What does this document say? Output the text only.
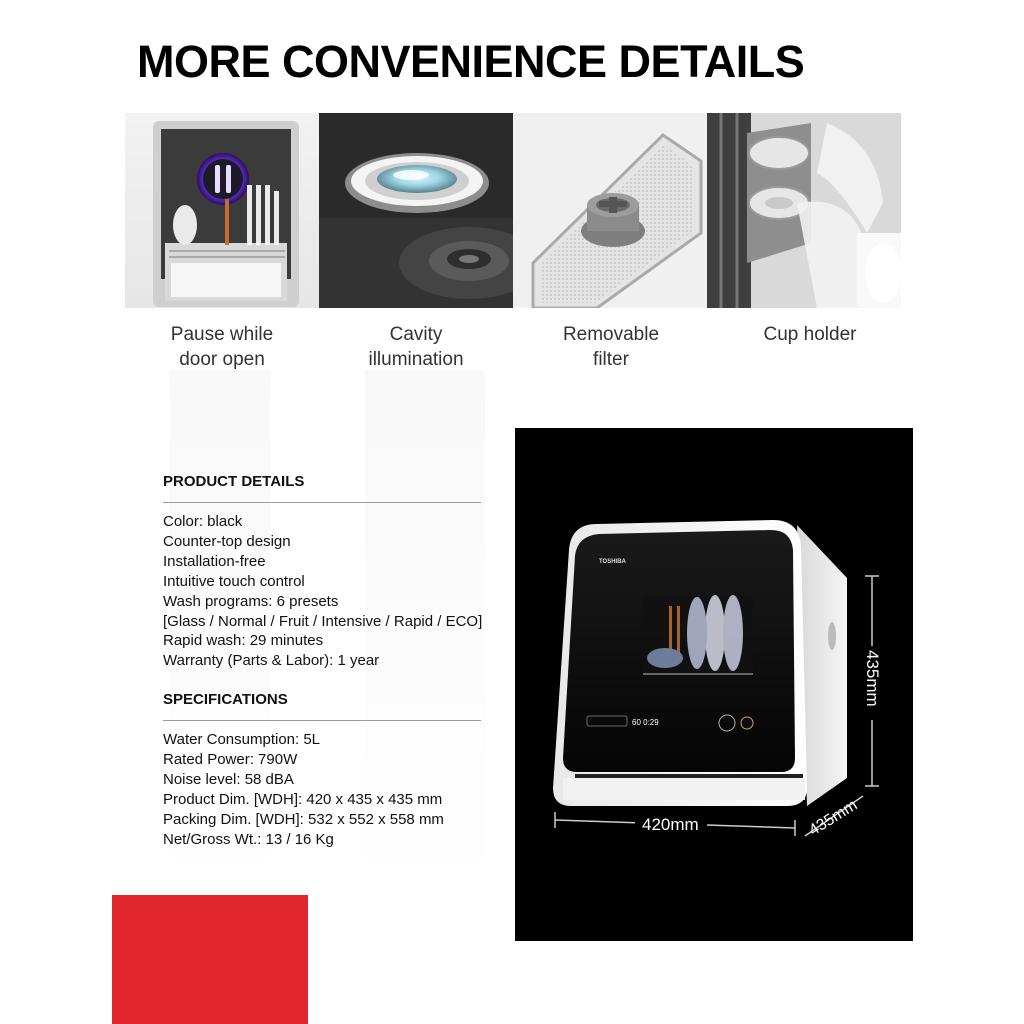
MORE CONVENIENCE DETAILS
Pause while
door open
Cavity
illumination
Removable
filter
Cup holder
PRODUCT DETAILS
Color: black
Counter-top design
Installation-free
Intuitive touch control
Wash programs: 6 presets
[Glass / Normal / Fruit / Intensive / Rapid / ECO]
Rapid wash: 29 minutes
Warranty (Parts & Labor): 1 year
SPECIFICATIONS
Water Consumption: 5L
Rated Power: 790W
Noise level: 58 dBA
Product Dim. [WDH]: 420 x 435 x 435 mm
Packing Dim. [WDH]: 532 x 552 x 558 mm
Net/Gross Wt.: 13 / 16 Kg
TOSHIBA
60 0:29
420mm	435mm
435mm
